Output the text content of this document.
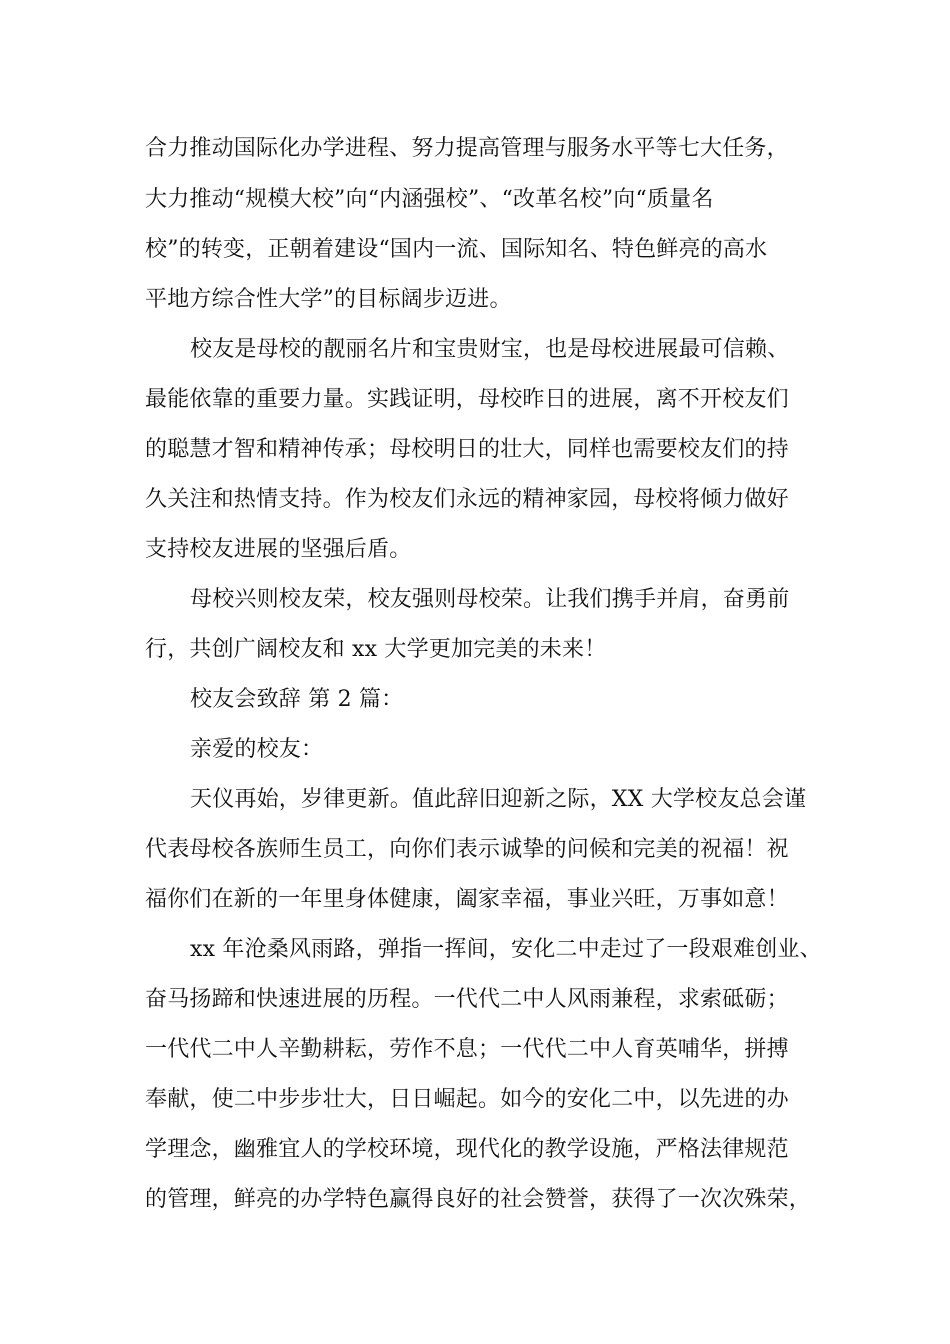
合力推动国际化办学进程、努力提高管理与服务水平等七大任务，
大力推动“规模大校”向“内涵强校”、“改革名校”向“质量名
校”的转变，正朝着建设“国内一流、国际知名、特色鲜亮的高水
平地方综合性大学”的目标阔步迈进。
校友是母校的靓丽名片和宝贵财宝，也是母校进展最可信赖、
最能依靠的重要力量。实践证明，母校昨日的进展，离不开校友们
的聪慧才智和精神传承；母校明日的壮大，同样也需要校友们的持
久关注和热情支持。作为校友们永远的精神家园，母校将倾力做好
支持校友进展的坚强后盾。
母校兴则校友荣，校友强则母校荣。让我们携手并肩，奋勇前
行，共创广阔校友和 xx 大学更加完美的未来！
校友会致辞 第 2 篇：
亲爱的校友：
天仪再始，岁律更新。值此辞旧迎新之际，XX 大学校友总会谨
代表母校各族师生员工，向你们表示诚挚的问候和完美的祝福！祝
福你们在新的一年里身体健康，阖家幸福，事业兴旺，万事如意！
xx 年沧桑风雨路，弹指一挥间，安化二中走过了一段艰难创业、
奋马扬蹄和快速进展的历程。一代代二中人风雨兼程，求索砥砺；
一代代二中人辛勤耕耘，劳作不息；一代代二中人育英哺华，拼搏
奉献，使二中步步壮大，日日崛起。如今的安化二中，以先进的办
学理念，幽雅宜人的学校环境，现代化的教学设施，严格法律规范
的管理，鲜亮的办学特色赢得良好的社会赞誉，获得了一次次殊荣，
